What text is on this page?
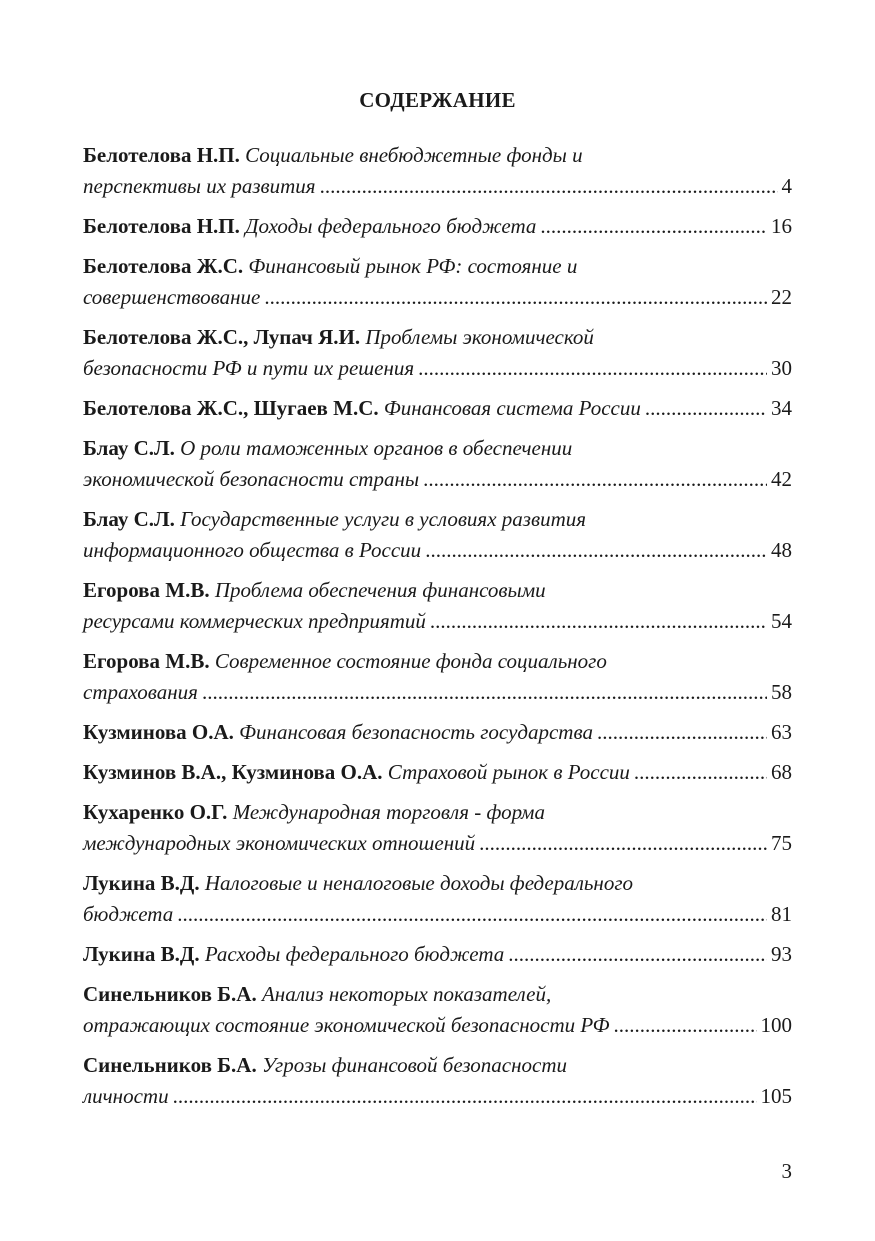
СОДЕРЖАНИЕ
Белотелова Н.П.
Социальные внебюджетные фонды и
перспективы их развития .....	4
Белотелова Н.П.
Доходы федерального бюджета .....	16
Белотелова Ж.С.
Финансовый рынок РФ: состояние и
совершенствование .....	22
Белотелова Ж.С., Лупач Я.И.
Проблемы экономической
безопасности РФ и пути их решения .....	30
Белотелова Ж.С., Шугаев М.С.
Финансовая система России .....	34
Блау С.Л.
О роли таможенных органов в обеспечении
экономической безопасности страны .....	42
Блау С.Л.
Государственные услуги в условиях развития
информационного общества в России .....	48
Егорова М.В.
Проблема обеспечения финансовыми
ресурсами коммерческих предприятий .....	54
Егорова М.В.
Современное состояние фонда социального
страхования .....	58
Кузминова О.А.
Финансовая безопасность государства .....	63
Кузминов В.А., Кузминова О.А.
Страховой рынок в России .....	68
Кухаренко О.Г.
Международная торговля - форма
международных экономических отношений .....	75
Лукина В.Д.
Налоговые и неналоговые доходы федерального
бюджета .....	81
Лукина В.Д.
Расходы федерального бюджета .....	93
Синельников Б.А.
Анализ некоторых показателей,
отражающих состояние экономической безопасности РФ .....	100
Синельников Б.А.
Угрозы финансовой безопасности
личности .....	105
3
